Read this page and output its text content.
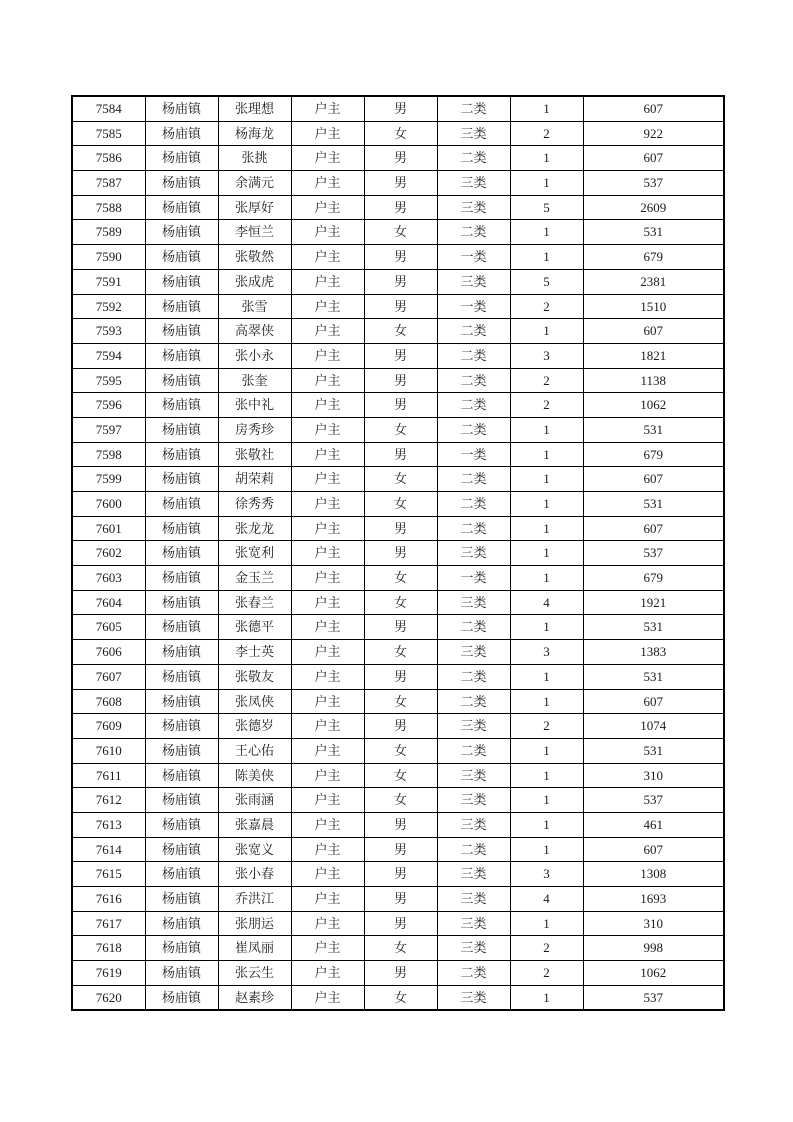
7584	杨庙镇	张理想	户主	男	二类	1	607
7585	杨庙镇	杨海龙	户主	女	三类	2	922
7586	杨庙镇	张挑	户主	男	二类	1	607
7587	杨庙镇	余满元	户主	男	三类	1	537
7588	杨庙镇	张厚好	户主	男	三类	5	2609
7589	杨庙镇	李恒兰	户主	女	二类	1	531
7590	杨庙镇	张敬然	户主	男	一类	1	679
7591	杨庙镇	张成虎	户主	男	三类	5	2381
7592	杨庙镇	张雪	户主	男	一类	2	1510
7593	杨庙镇	高翠侠	户主	女	二类	1	607
7594	杨庙镇	张小永	户主	男	二类	3	1821
7595	杨庙镇	张奎	户主	男	二类	2	1138
7596	杨庙镇	张中礼	户主	男	二类	2	1062
7597	杨庙镇	房秀珍	户主	女	二类	1	531
7598	杨庙镇	张敬社	户主	男	一类	1	679
7599	杨庙镇	胡荣莉	户主	女	二类	1	607
7600	杨庙镇	徐秀秀	户主	女	二类	1	531
7601	杨庙镇	张龙龙	户主	男	二类	1	607
7602	杨庙镇	张宽利	户主	男	三类	1	537
7603	杨庙镇	金玉兰	户主	女	一类	1	679
7604	杨庙镇	张春兰	户主	女	三类	4	1921
7605	杨庙镇	张德平	户主	男	二类	1	531
7606	杨庙镇	李士英	户主	女	三类	3	1383
7607	杨庙镇	张敬友	户主	男	二类	1	531
7608	杨庙镇	张凤侠	户主	女	二类	1	607
7609	杨庙镇	张德岁	户主	男	三类	2	1074
7610	杨庙镇	王心佑	户主	女	二类	1	531
7611	杨庙镇	陈美侠	户主	女	三类	1	310
7612	杨庙镇	张雨涵	户主	女	三类	1	537
7613	杨庙镇	张嘉晨	户主	男	三类	1	461
7614	杨庙镇	张宽义	户主	男	二类	1	607
7615	杨庙镇	张小春	户主	男	三类	3	1308
7616	杨庙镇	乔洪江	户主	男	三类	4	1693
7617	杨庙镇	张朋运	户主	男	三类	1	310
7618	杨庙镇	崔凤丽	户主	女	三类	2	998
7619	杨庙镇	张云生	户主	男	二类	2	1062
7620	杨庙镇	赵素珍	户主	女	三类	1	537
